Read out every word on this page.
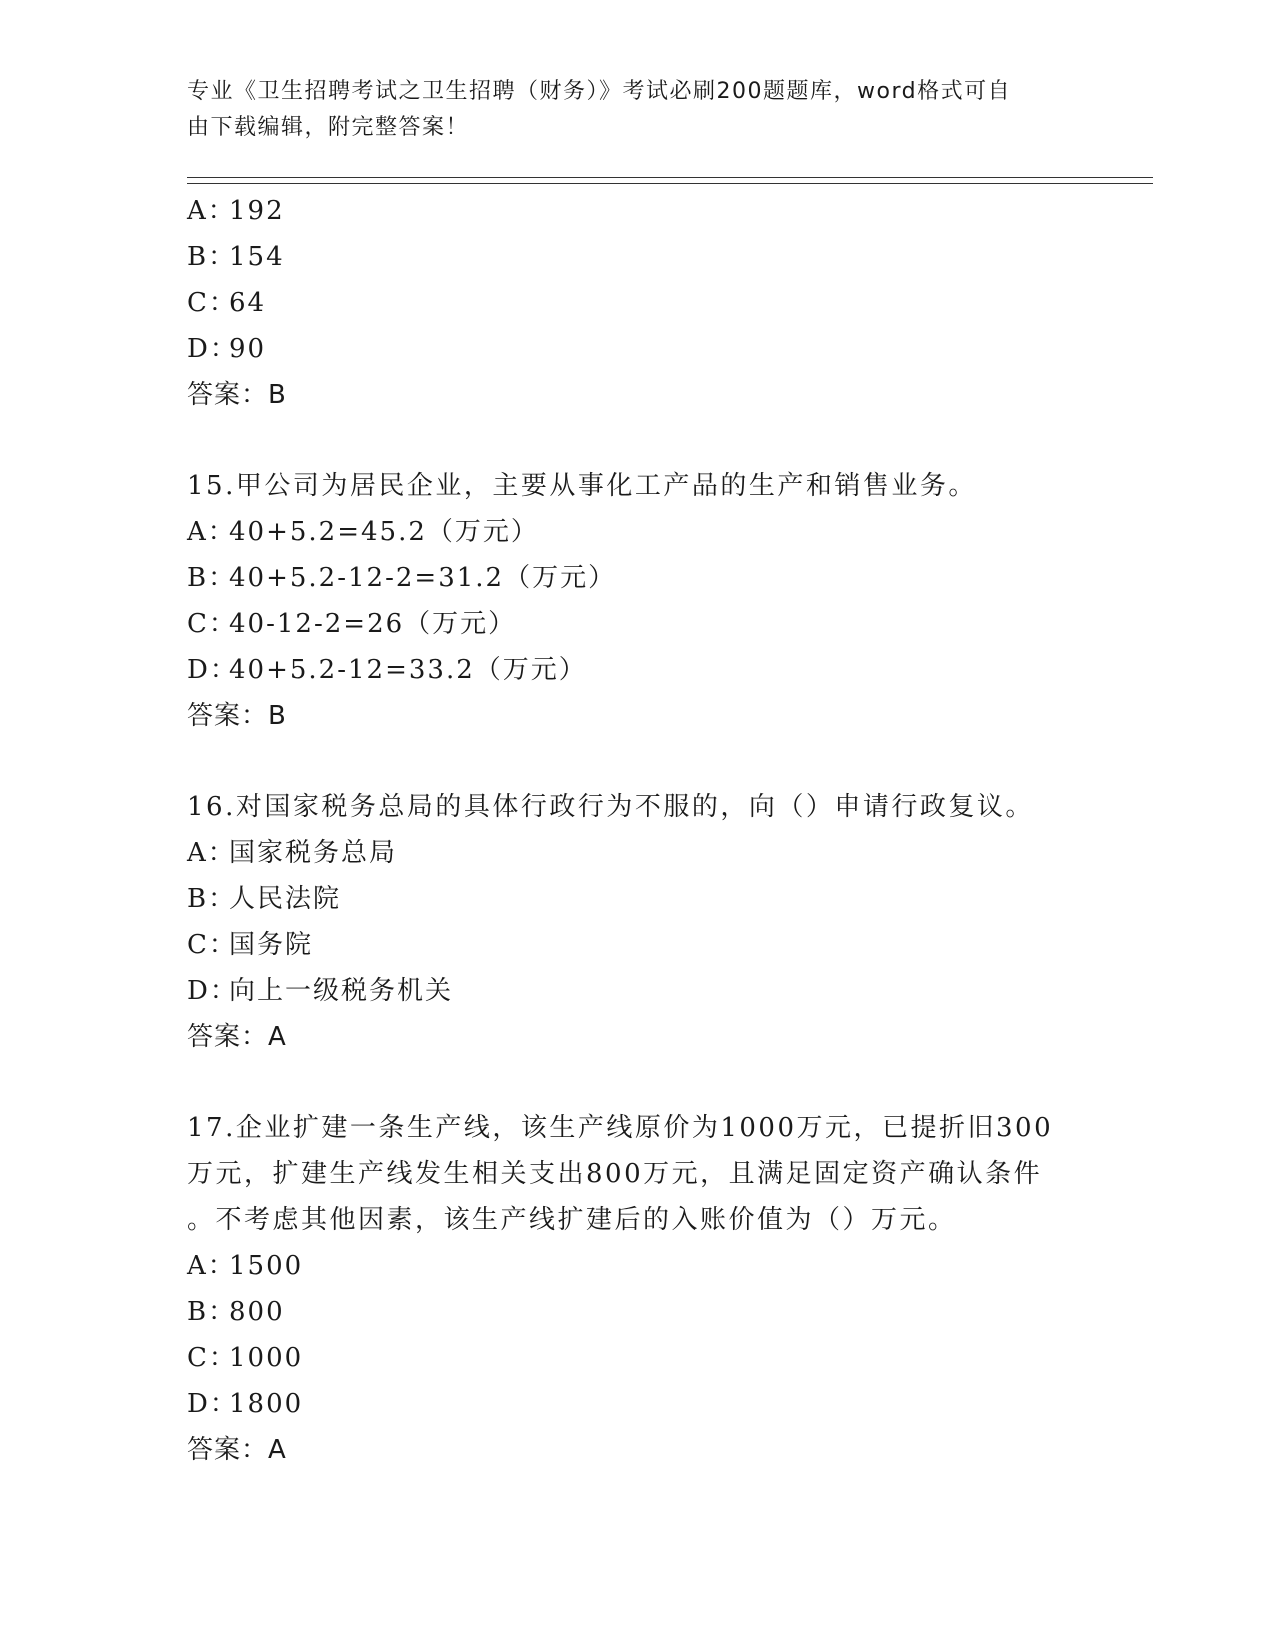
专业《卫生招聘考试之卫生招聘（财务）》考试必刷200题题库，word格式可自
由下载编辑，附完整答案！
A：192
B：154
C：64
D：90
答案：B
15.甲公司为居民企业，主要从事化工产品的生产和销售业务。
A：40+5.2=45.2（万元）
B：40+5.2-12-2=31.2（万元）
C：40-12-2=26（万元）
D：40+5.2-12=33.2（万元）
答案：B
16.对国家税务总局的具体行政行为不服的，向（）申请行政复议。
A：国家税务总局
B：人民法院
C：国务院
D：向上一级税务机关
答案：A
17.企业扩建一条生产线，该生产线原价为1000万元，已提折旧300
万元，扩建生产线发生相关支出800万元，且满足固定资产确认条件
。不考虑其他因素，该生产线扩建后的入账价值为（）万元。
A：1500
B：800
C：1000
D：1800
答案：A
